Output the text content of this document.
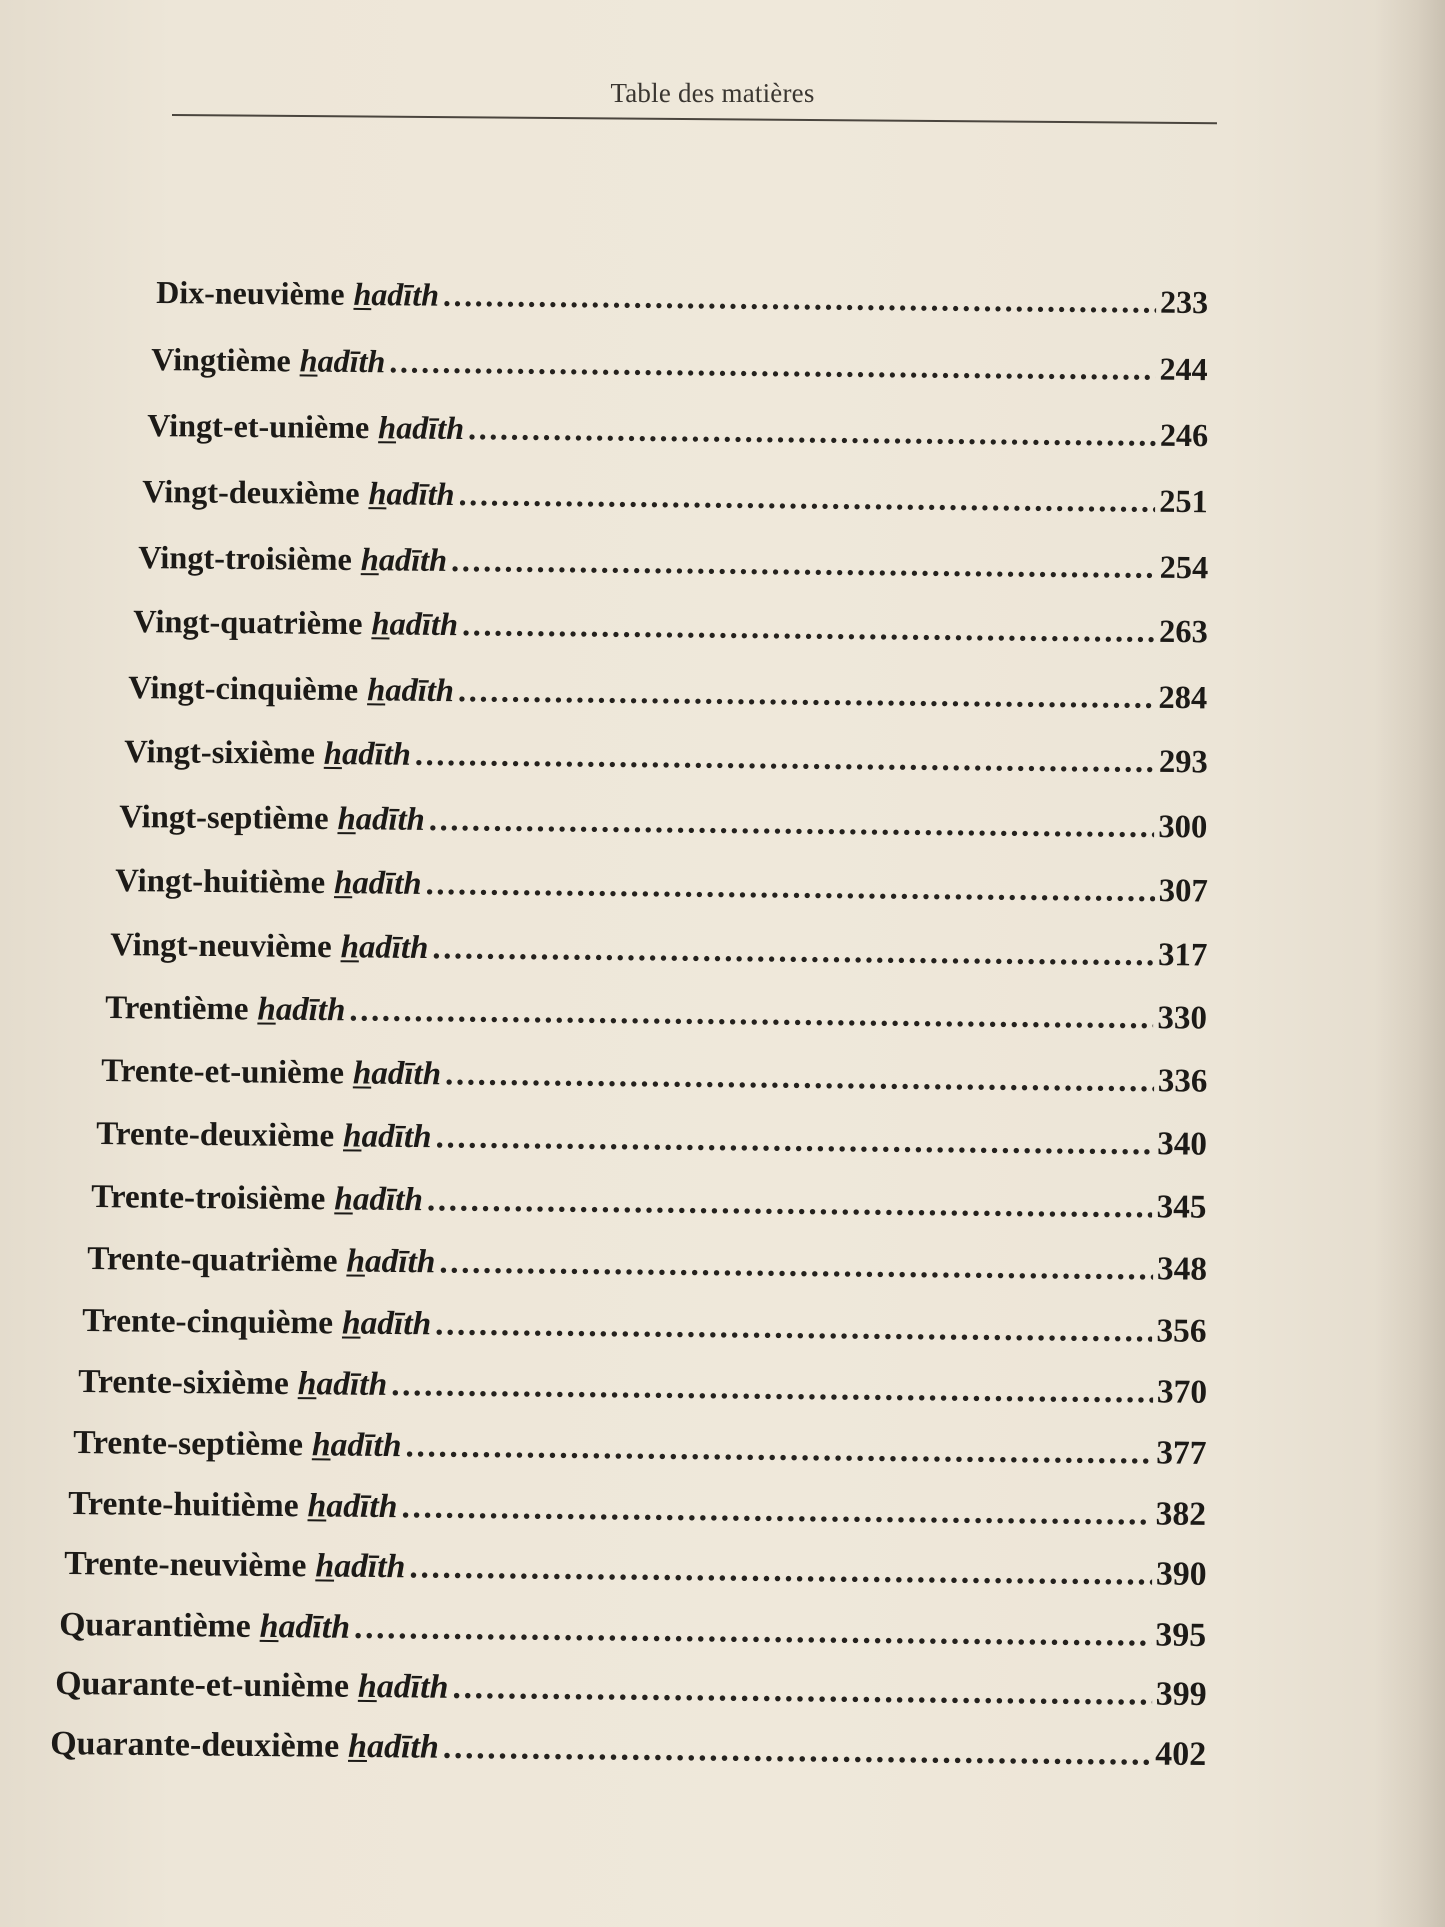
Table des matières
Dix-neuvième hadīth .....	233
Vingtième hadīth .....	244
Vingt-et-unième hadīth .....	246
Vingt-deuxième hadīth .....	251
Vingt-troisième hadīth .....	254
Vingt-quatrième hadīth .....	263
Vingt-cinquième hadīth .....	284
Vingt-sixième hadīth .....	293
Vingt-septième hadīth .....	300
Vingt-huitième hadīth .....	307
Vingt-neuvième hadīth .....	317
Trentième hadīth .....	330
Trente-et-unième hadīth .....	336
Trente-deuxième hadīth .....	340
Trente-troisième hadīth .....	345
Trente-quatrième hadīth .....	348
Trente-cinquième hadīth .....	356
Trente-sixième hadīth .....	370
Trente-septième hadīth .....	377
Trente-huitième hadīth .....	382
Trente-neuvième hadīth .....	390
Quarantième hadīth .....	395
Quarante-et-unième hadīth .....	399
Quarante-deuxième hadīth .....	402
